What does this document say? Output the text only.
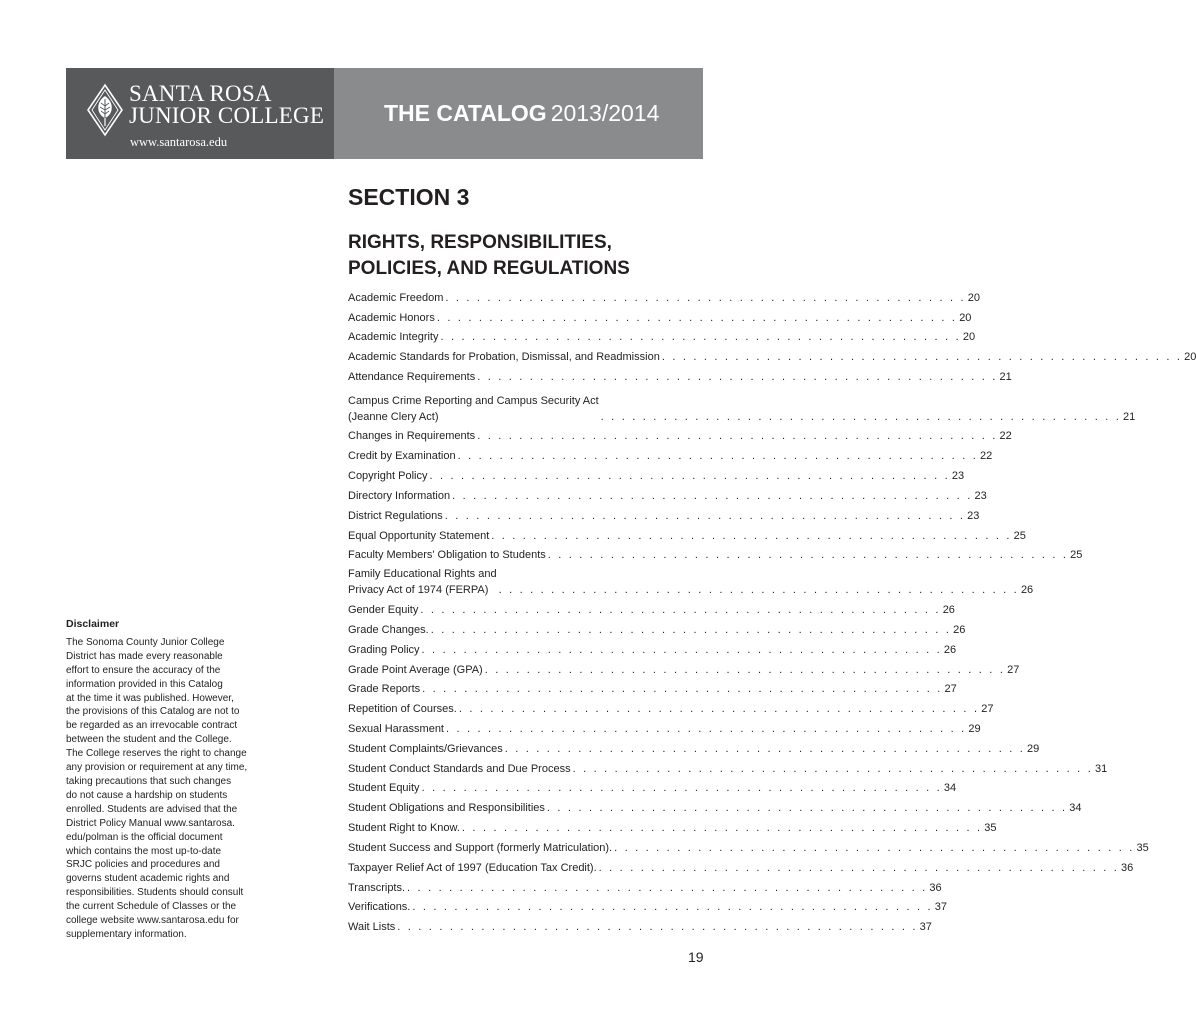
SANTA ROSA
JUNIOR COLLEGE
www.santarosa.edu
THE CATALOG 2013/2014
SECTION 3
RIGHTS, RESPONSIBILITIES,
POLICIES, AND REGULATIONS
Academic Freedom . . . . . . . . . . . . . . . . . . . . . . . . . . . . . . . . . . . . . . . . . . . . . . . . . . 20
Academic Honors . . . . . . . . . . . . . . . . . . . . . . . . . . . . . . . . . . . . . . . . . . . . . . . . . . 20
Academic Integrity . . . . . . . . . . . . . . . . . . . . . . . . . . . . . . . . . . . . . . . . . . . . . . . . . . 20
Academic Standards for Probation, Dismissal, and Readmission . . . . . . . . . . . . . . . . . . . . . . . . . . . . . . . . . . . . . . . . . . . . . . . . . . 20
Attendance Requirements . . . . . . . . . . . . . . . . . . . . . . . . . . . . . . . . . . . . . . . . . . . . . . . . . . 21
Campus Crime Reporting and Campus Security Act
(Jeanne Clery Act)	. . . . . . . . . . . . . . . . . . . . . . . . . . . . . . . . . . . . . . . . . . . . . . . . . . 21
Changes in Requirements . . . . . . . . . . . . . . . . . . . . . . . . . . . . . . . . . . . . . . . . . . . . . . . . . . 22
Credit by Examination . . . . . . . . . . . . . . . . . . . . . . . . . . . . . . . . . . . . . . . . . . . . . . . . . . 22
Copyright Policy . . . . . . . . . . . . . . . . . . . . . . . . . . . . . . . . . . . . . . . . . . . . . . . . . . 23
Directory Information . . . . . . . . . . . . . . . . . . . . . . . . . . . . . . . . . . . . . . . . . . . . . . . . . . 23
District Regulations . . . . . . . . . . . . . . . . . . . . . . . . . . . . . . . . . . . . . . . . . . . . . . . . . . 23
Equal Opportunity Statement . . . . . . . . . . . . . . . . . . . . . . . . . . . . . . . . . . . . . . . . . . . . . . . . . . 25
Faculty Members' Obligation to Students . . . . . . . . . . . . . . . . . . . . . . . . . . . . . . . . . . . . . . . . . . . . . . . . . . 25
Family Educational Rights and
Privacy Act of 1974 (FERPA) . . . . . . . . . . . . . . . . . . . . . . . . . . . . . . . . . . . . . . . . . . . . . . . . . . 26
Gender Equity . . . . . . . . . . . . . . . . . . . . . . . . . . . . . . . . . . . . . . . . . . . . . . . . . . 26
Grade Changes. . . . . . . . . . . . . . . . . . . . . . . . . . . . . . . . . . . . . . . . . . . . . . . . . . . 26
Grading Policy . . . . . . . . . . . . . . . . . . . . . . . . . . . . . . . . . . . . . . . . . . . . . . . . . . 26
Grade Point Average (GPA) . . . . . . . . . . . . . . . . . . . . . . . . . . . . . . . . . . . . . . . . . . . . . . . . . . 27
Grade Reports . . . . . . . . . . . . . . . . . . . . . . . . . . . . . . . . . . . . . . . . . . . . . . . . . . 27
Repetition of Courses. . . . . . . . . . . . . . . . . . . . . . . . . . . . . . . . . . . . . . . . . . . . . . . . . . . 27
Sexual Harassment . . . . . . . . . . . . . . . . . . . . . . . . . . . . . . . . . . . . . . . . . . . . . . . . . . 29
Student Complaints/Grievances . . . . . . . . . . . . . . . . . . . . . . . . . . . . . . . . . . . . . . . . . . . . . . . . . . 29
Student Conduct Standards and Due Process . . . . . . . . . . . . . . . . . . . . . . . . . . . . . . . . . . . . . . . . . . . . . . . . . . 31
Student Equity . . . . . . . . . . . . . . . . . . . . . . . . . . . . . . . . . . . . . . . . . . . . . . . . . . 34
Student Obligations and Responsibilities . . . . . . . . . . . . . . . . . . . . . . . . . . . . . . . . . . . . . . . . . . . . . . . . . . 34
Student Right to Know. . . . . . . . . . . . . . . . . . . . . . . . . . . . . . . . . . . . . . . . . . . . . . . . . . . 35
Student Success and Support (formerly Matriculation). . . . . . . . . . . . . . . . . . . . . . . . . . . . . . . . . . . . . . . . . . . . . . . . . . . 35
Taxpayer Relief Act of 1997 (Education Tax Credit). . . . . . . . . . . . . . . . . . . . . . . . . . . . . . . . . . . . . . . . . . . . . . . . . . . 36
Transcripts. . . . . . . . . . . . . . . . . . . . . . . . . . . . . . . . . . . . . . . . . . . . . . . . . . . 36
Verifications. . . . . . . . . . . . . . . . . . . . . . . . . . . . . . . . . . . . . . . . . . . . . . . . . . . 37
Wait Lists . . . . . . . . . . . . . . . . . . . . . . . . . . . . . . . . . . . . . . . . . . . . . . . . . . 37
Disclaimer
The Sonoma County Junior College
District has made every reasonable
effort to ensure the accuracy of the
information provided in this Catalog
at the time it was published. However,
the provisions of this Catalog are not to
be regarded as an irrevocable contract
between the student and the College.
The College reserves the right to change
any provision or requirement at any time,
taking precautions that such changes
do not cause a hardship on students
enrolled. Students are advised that the
District Policy Manual www.santarosa.
edu/polman is the official document
which contains the most up-to-date
SRJC policies and procedures and
governs student academic rights and
responsibilities. Students should consult
the current Schedule of Classes or the
college website www.santarosa.edu for
supplementary information.
19
